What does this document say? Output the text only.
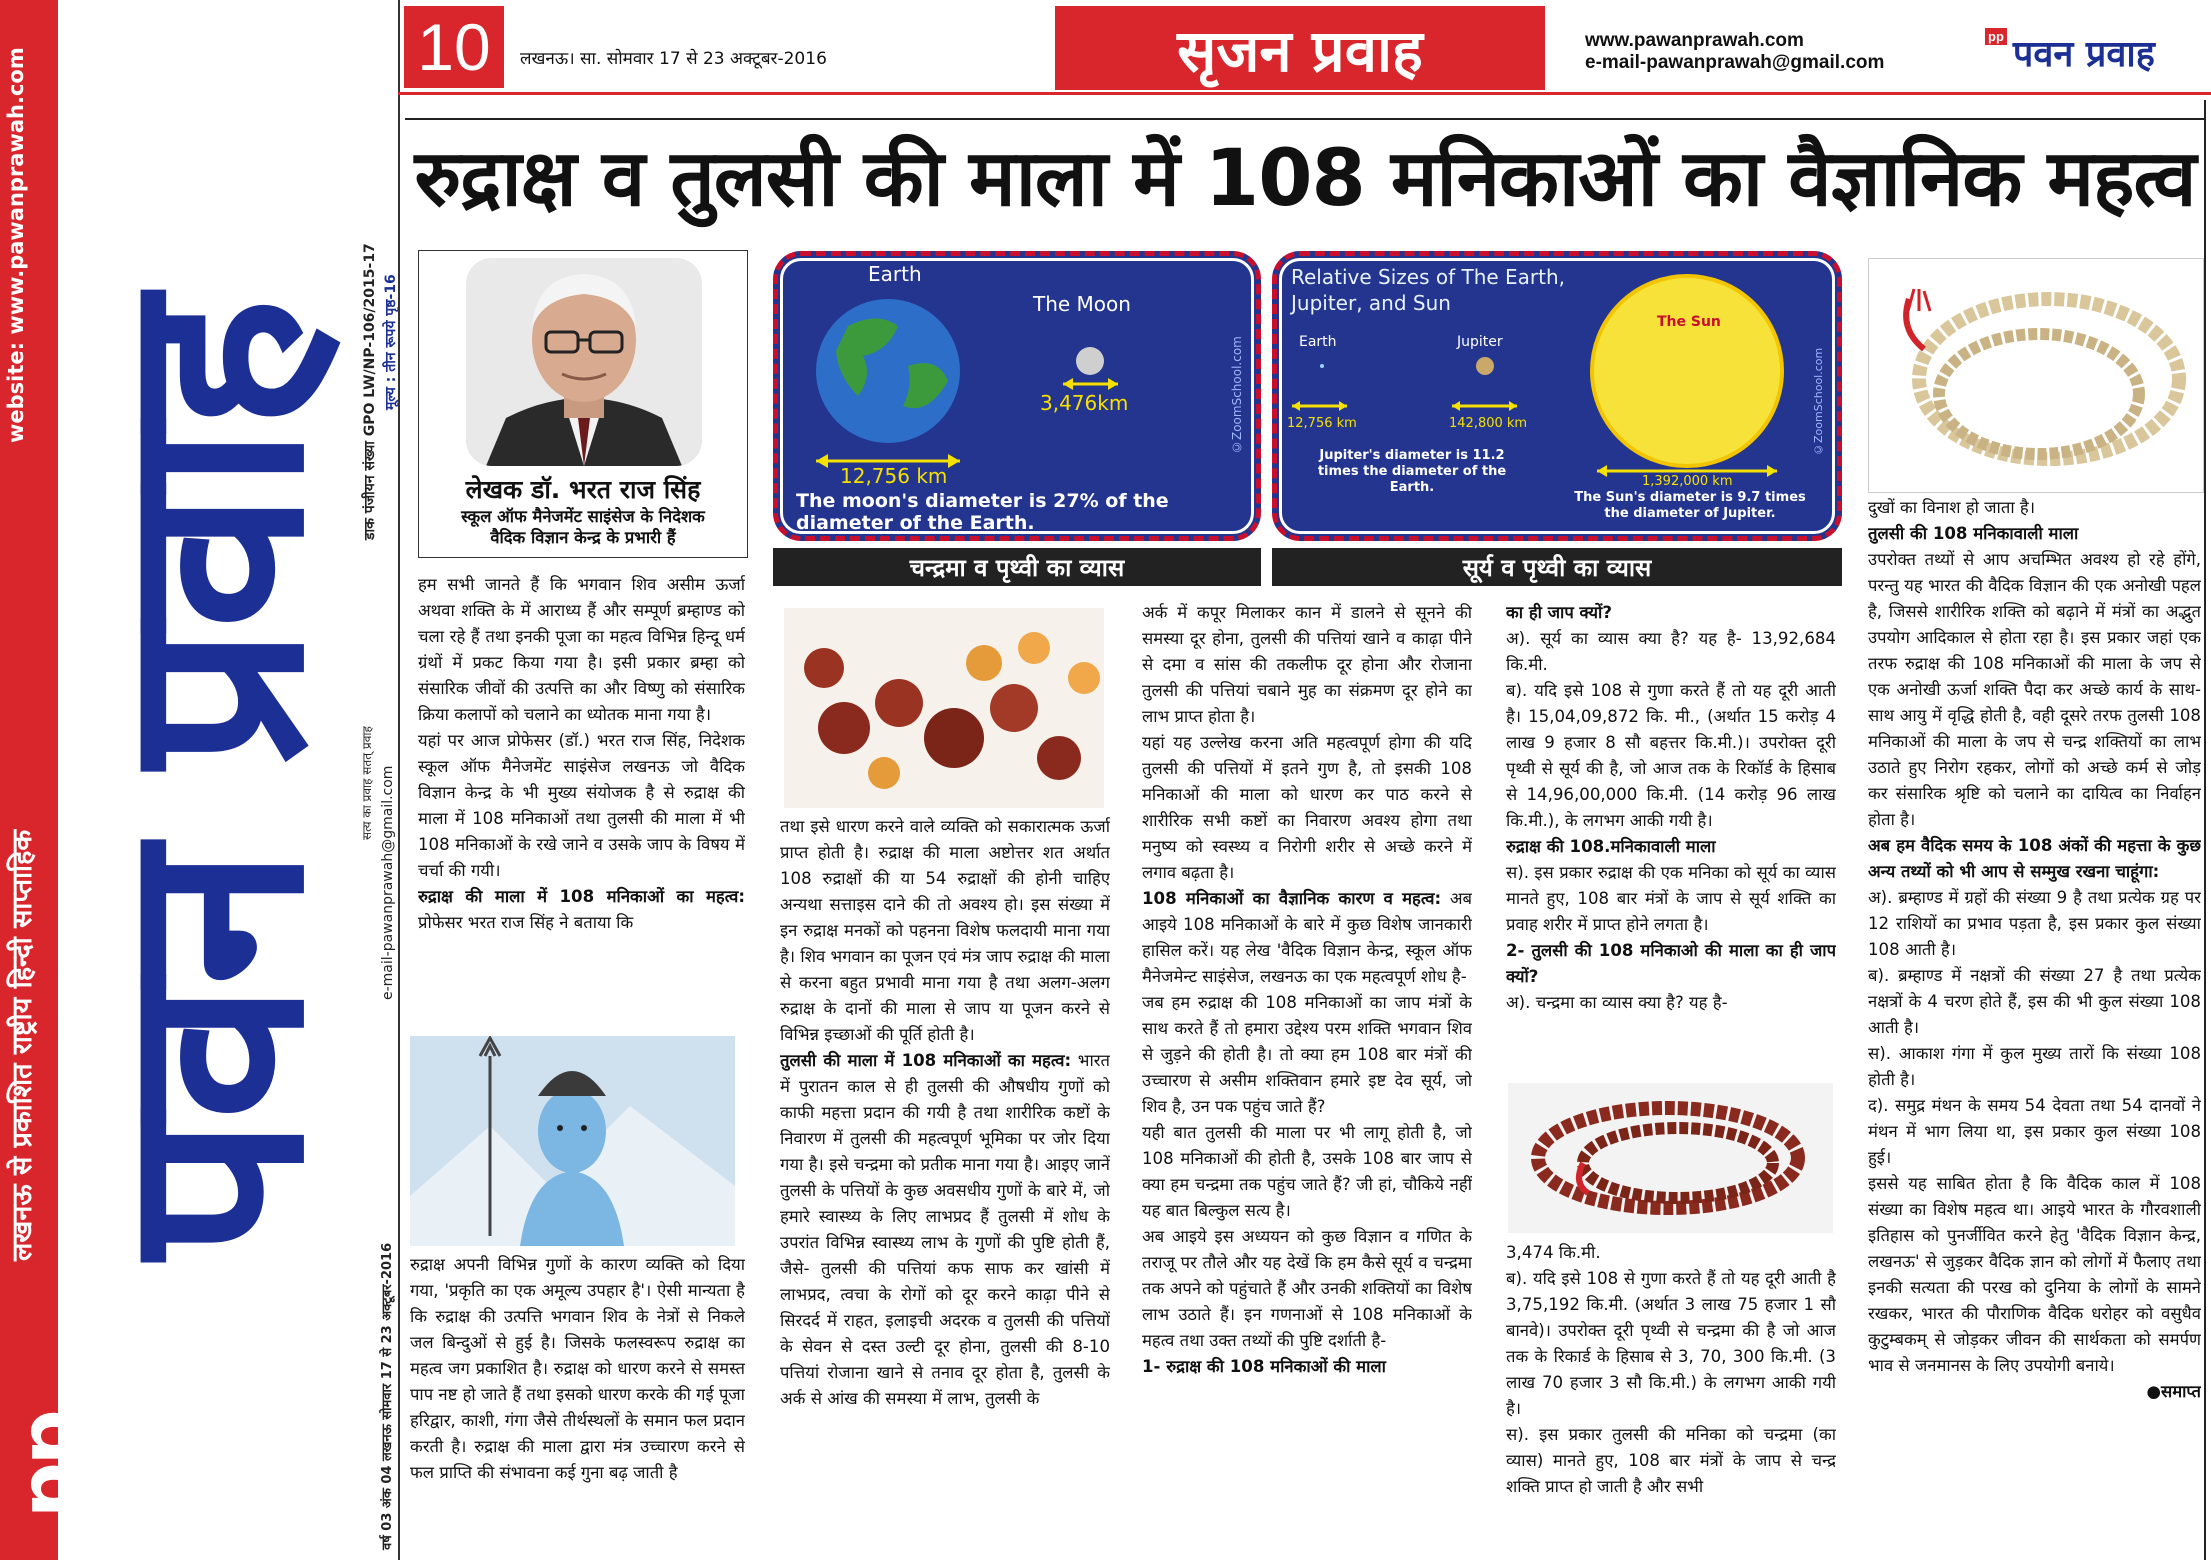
website: www.pawanprawah.com
लखनऊ से प्रकाशित राष्ट्रीय हिन्दी साप्ताहिक
pp
पवन प्रवाह मूल्य : तीन रूपये पृष्ठ-16
डाक पंजीयन संख्या GPO LW/NP-106/2015-17
e-mail-pawanprawah@gmail.com
सत्य का प्रवाह सतत् प्रवाह
वर्ष 03 अंक 04 लखनऊ सोमवार 17 से 23 अक्टूबर-2016
10	लखनऊ। सा. सोमवार 17 से 23 अक्टूबर-2016	सृजन प्रवाह	www.pawanprawah.com
e-mail-pawanprawah@gmail.com
pp पवन प्रवाह
रुद्राक्ष व तुलसी की माला में 108 मनिकाओं का वैज्ञानिक महत्व
लेखक डॉ. भरत राज सिंह
स्कूल ऑफ मैनेजमेंट साइंसेज के निदेशक
वैदिक विज्ञान केन्द्र के प्रभारी हैं
Earth
The Moon
3,476km
12,756 km
The moon's diameter is 27% of the diameter of the Earth.
©ZoomSchool.com
चन्द्रमा व पृथ्वी का व्यास
Relative Sizes of The Earth, Jupiter, and Sun
Earth	Jupiter
The Sun
12,756 km	142,800 km
1,392,000 km
Jupiter's diameter is 11.2 times the diameter of the Earth.
The Sun's diameter is 9.7 times the diameter of Jupiter.
©ZoomSchool.com
सूर्य व पृथ्वी का व्यास

हम सभी जानते हैं कि भगवान शिव असीम ऊर्जा अथवा शक्ति के में आराध्य हैं और सम्पूर्ण ब्रम्हाण्ड को चला रहे हैं तथा इनकी पूजा का महत्व विभिन्न हिन्दू धर्म ग्रंथों में प्रकट किया गया है। इसी प्रकार ब्रम्हा को संसारिक जीवों की उत्पत्ति का और विष्णु को संसारिक क्रिया कलापों को चलाने का ध्योतक माना गया है।

यहां पर आज प्रोफेसर (डॉ.) भरत राज सिंह, निदेशक स्कूल ऑफ मैनेजमेंट साइंसेज लखनऊ जो वैदिक विज्ञान केन्द्र के भी मुख्य संयोजक है से रुद्राक्ष की माला में 108 मनिकाओं तथा तुलसी की माला में भी 108 मनिकाओं के रखे जाने व उसके जाप के विषय में चर्चा की गयी।

रुद्राक्ष की माला में 108 मनिकाओं का महत्व: प्रोफेसर भरत राज सिंह ने बताया कि

रुद्राक्ष अपनी विभिन्न गुणों के कारण व्यक्ति को दिया गया, 'प्रकृति का एक अमूल्य उपहार है'। ऐसी मान्यता है कि रुद्राक्ष की उत्पत्ति भगवान शिव के नेत्रों से निकले जल बिन्दुओं से हुई है। जिसके फलस्वरूप रुद्राक्ष का महत्व जग प्रकाशित है। रुद्राक्ष को धारण करने से समस्त पाप नष्ट हो जाते हैं तथा इसको धारण करके की गई पूजा हरिद्वार, काशी, गंगा जैसे तीर्थस्थलों के समान फल प्रदान करती है। रुद्राक्ष की माला द्वारा मंत्र उच्चारण करने से फल प्राप्ति की संभावना कई गुना बढ़ जाती है

तथा इसे धारण करने वाले व्यक्ति को सकारात्मक ऊर्जा प्राप्त होती है। रुद्राक्ष की माला अष्टोत्तर शत अर्थात 108 रुद्राक्षों की या 54 रुद्राक्षों की होनी चाहिए अन्यथा सत्ताइस दाने की तो अवश्य हो। इस संख्या में इन रुद्राक्ष मनकों को पहनना विशेष फलदायी माना गया है। शिव भगवान का पूजन एवं मंत्र जाप रुद्राक्ष की माला से करना बहुत प्रभावी माना गया है तथा अलग-अलग रुद्राक्ष के दानों की माला से जाप या पूजन करने से विभिन्न इच्छाओं की पूर्ति होती है।

तुलसी की माला में 108 मनिकाओं का महत्व: भारत में पुरातन काल से ही तुलसी की औषधीय गुणों को काफी महत्ता प्रदान की गयी है तथा शारीरिक कष्टों के निवारण में तुलसी की महत्वपूर्ण भूमिका पर जोर दिया गया है। इसे चन्द्रमा को प्रतीक माना गया है। आइए जानें तुलसी के पत्तियों के कुछ अवसधीय गुणों के बारे में, जो हमारे स्वास्थ्य के लिए लाभप्रद हैं तुलसी में शोध के उपरांत विभिन्न स्वास्थ्य लाभ के गुणों की पुष्टि होती हैं, जैसे- तुलसी की पत्तियां कफ साफ कर खांसी में लाभप्रद, त्वचा के रोगों को दूर करने काढ़ा पीने से सिरदर्द में राहत, इलाइची अदरक व तुलसी की पत्तियों के सेवन से दस्त उल्टी दूर होना, तुलसी की 8-10 पत्तियां रोजाना खाने से तनाव दूर होता है, तुलसी के अर्क से आंख की समस्या में लाभ, तुलसी के

अर्क में कपूर मिलाकर कान में डालने से सूनने की समस्या दूर होना, तुलसी की पत्तियां खाने व काढ़ा पीने से दमा व सांस की तकलीफ दूर होना और रोजाना तुलसी की पत्तियां चबाने मुह का संक्रमण दूर होने का लाभ प्राप्त होता है।

यहां यह उल्लेख करना अति महत्वपूर्ण होगा की यदि तुलसी की पत्तियों में इतने गुण है, तो इसकी 108 मनिकाओं की माला को धारण कर पाठ करने से शारीरिक सभी कष्टों का निवारण अवश्य होगा तथा मनुष्य को स्वस्थ्य व निरोगी शरीर से अच्छे करने में लगाव बढ़ता है।

108 मनिकाओं का वैज्ञानिक कारण व महत्व: अब आइये 108 मनिकाओं के बारे में कुछ विशेष जानकारी हासिल करें। यह लेख 'वैदिक विज्ञान केन्द्र, स्कूल ऑफ मैनेजमेन्ट साइंसेज, लखनऊ का एक महत्वपूर्ण शोध है-

जब हम रुद्राक्ष की 108 मनिकाओं का जाप मंत्रों के साथ करते हैं तो हमारा उद्देश्य परम शक्ति भगवान शिव से जुड़ने की होती है। तो क्या हम 108 बार मंत्रों की उच्चारण से असीम शक्तिवान हमारे इष्ट देव सूर्य, जो शिव है, उन पक पहुंच जाते हैं?

यही बात तुलसी की माला पर भी लागू होती है, जो 108 मनिकाओं की होती है, उसके 108 बार जाप से क्या हम चन्द्रमा तक पहुंच जाते हैं? जी हां, चौकिये नहीं यह बात बिल्कुल सत्य है।

अब आइये इस अध्ययन को कुछ विज्ञान व गणित के तराजू पर तौले और यह देखें कि हम कैसे सूर्य व चन्द्रमा तक अपने को पहुंचाते हैं और उनकी शक्तियों का विशेष लाभ उठाते हैं। इन गणनाओं से 108 मनिकाओं के महत्व तथा उक्त तथ्यों की पुष्टि दर्शाती है-

1- रुद्राक्ष की 108 मनिकाओं की माला

का ही जाप क्यों?

अ). सूर्य का व्यास क्या है? यह है- 13,92,684 कि.मी.

ब). यदि इसे 108 से गुणा करते हैं तो यह दूरी आती है। 15,04,09,872 कि. मी., (अर्थात 15 करोड़ 4 लाख 9 हजार 8 सौ बहत्तर कि.मी.)। उपरोक्त दूरी पृथ्वी से सूर्य की है, जो आज तक के रिकॉर्ड के हिसाब से 14,96,00,000 कि.मी. (14 करोड़ 96 लाख कि.मी.), के लगभग आकी गयी है।

रुद्राक्ष की 108.मनिकावाली माला

स). इस प्रकार रुद्राक्ष की एक मनिका को सूर्य का व्यास मानते हुए, 108 बार मंत्रों के जाप से सूर्य शक्ति का प्रवाह शरीर में प्राप्त होने लगता है।

2- तुलसी की 108 मनिकाओ की माला का ही जाप क्यों?

अ). चन्द्रमा का व्यास क्या है? यह है-

3,474 कि.मी.

ब). यदि इसे 108 से गुणा करते हैं तो यह दूरी आती है 3,75,192 कि.मी. (अर्थात 3 लाख 75 हजार 1 सौ बानवे)। उपरोक्त दूरी पृथ्वी से चन्द्रमा की है जो आज तक के रिकार्ड के हिसाब से 3, 70, 300 कि.मी. (3 लाख 70 हजार 3 सौ कि.मी.) के लगभग आकी गयी है।

स). इस प्रकार तुलसी की मनिका को चन्द्रमा (का व्यास) मानते हुए, 108 बार मंत्रों के जाप से चन्द्र शक्ति प्राप्त हो जाती है और सभी

दुखों का विनाश हो जाता है।

तुलसी की 108 मनिकावाली माला

उपरोक्त तथ्यों से आप अचम्भित अवश्य हो रहे होंगे, परन्तु यह भारत की वैदिक विज्ञान की एक अनोखी पहल है, जिससे शारीरिक शक्ति को बढ़ाने में मंत्रों का अद्भुत उपयोग आदिकाल से होता रहा है। इस प्रकार जहां एक तरफ रुद्राक्ष की 108 मनिकाओं की माला के जप से एक अनोखी ऊर्जा शक्ति पैदा कर अच्छे कार्य के साथ-साथ आयु में वृद्धि होती है, वही दूसरे तरफ तुलसी 108 मनिकाओं की माला के जप से चन्द्र शक्तियों का लाभ उठाते हुए निरोग रहकर, लोगों को अच्छे कर्म से जोड़ कर संसारिक श्रृष्टि को चलाने का दायित्व का निर्वाहन होता है।

अब हम वैदिक समय के 108 अंकों की महत्ता के कुछ अन्य तथ्यों को भी आप से सम्मुख रखना चाहूंगा:

अ). ब्रम्हाण्ड में ग्रहों की संख्या 9 है तथा प्रत्येक ग्रह पर 12 राशियों का प्रभाव पड़ता है, इस प्रकार कुल संख्या 108 आती है।

ब). ब्रम्हाण्ड में नक्षत्रों की संख्या 27 है तथा प्रत्येक नक्षत्रों के 4 चरण होते हैं, इस की भी कुल संख्या 108 आती है।

स). आकाश गंगा में कुल मुख्य तारों कि संख्या 108 होती है।

द). समुद्र मंथन के समय 54 देवता तथा 54 दानवों ने मंथन में भाग लिया था, इस प्रकार कुल संख्या 108 हुई।

इससे यह साबित होता है कि वैदिक काल में 108 संख्या का विशेष महत्व था। आइये भारत के गौरवशाली इतिहास को पुनर्जीवित करने हेतु 'वैदिक विज्ञान केन्द्र, लखनऊ' से जुड़कर वैदिक ज्ञान को लोगों में फैलाए तथा इनकी सत्यता की परख को दुनिया के लोगों के सामने रखकर, भारत की पौराणिक वैदिक धरोहर को वसुधैव कुटुम्बकम् से जोड़कर जीवन की सार्थकता को समर्पण भाव से जनमानस के लिए उपयोगी बनाये।

●समाप्त
